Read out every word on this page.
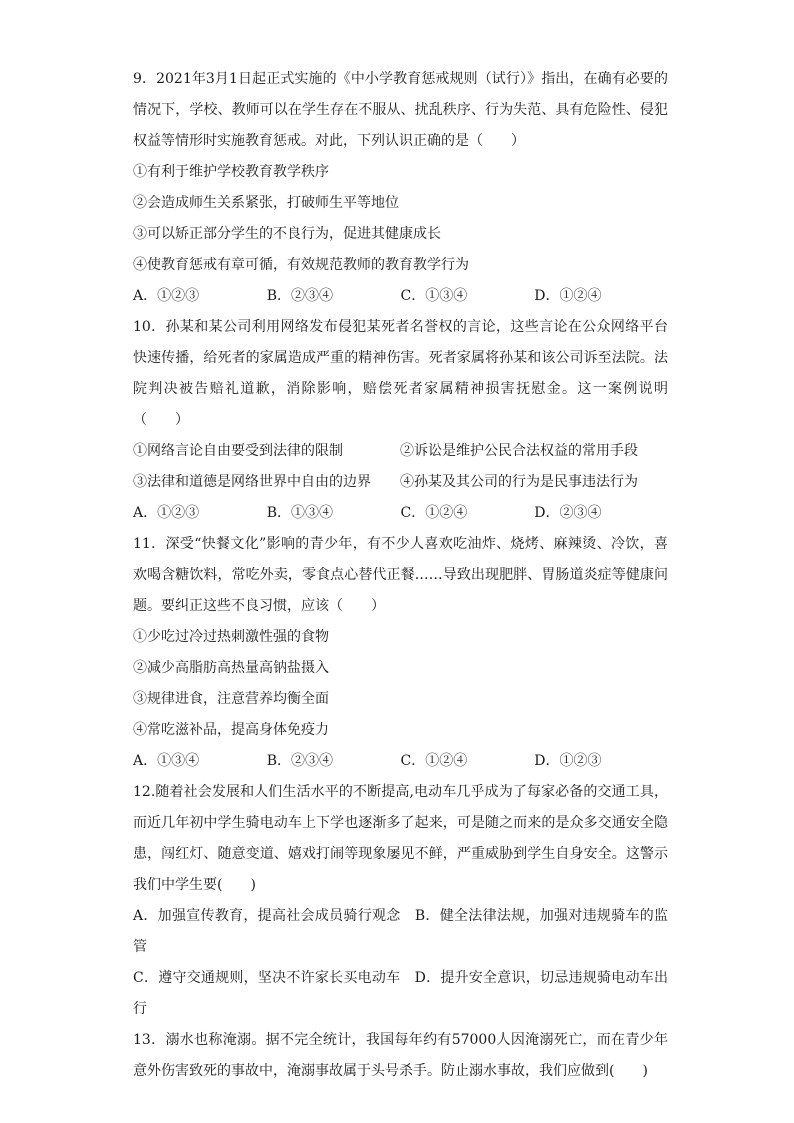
9．2021年3月1日起正式实施的《中小学教育惩戒规则（试行）》指出，在确有必要的情况下，学校、教师可以在学生存在不服从、扰乱秩序、行为失范、具有危险性、侵犯权益等情形时实施教育惩戒。对此，下列认识正确的是（　　）
①有利于维护学校教育教学秩序
②会造成师生关系紧张，打破师生平等地位
③可以矫正部分学生的不良行为，促进其健康成长
④使教育惩戒有章可循，有效规范教师的教育教学行为
A．①②③	B．②③④	C．①③④	D．①②④
10．孙某和某公司利用网络发布侵犯某死者名誉权的言论，这些言论在公众网络平台快速传播，给死者的家属造成严重的精神伤害。死者家属将孙某和该公司诉至法院。法院判决被告赔礼道歉，消除影响，赔偿死者家属精神损害抚慰金。这一案例说明（　　）
①网络言论自由要受到法律的限制	②诉讼是维护公民合法权益的常用手段
③法律和道德是网络世界中自由的边界	④孙某及其公司的行为是民事违法行为
A．①②③	B．①③④	C．①②④	D．②③④
11．深受“快餐文化”影响的青少年，有不少人喜欢吃油炸、烧烤、麻辣烫、冷饮，喜欢喝含糖饮料，常吃外卖，零食点心替代正餐……导致出现肥胖、胃肠道炎症等健康问题。要纠正这些不良习惯，应该（　　）
①少吃过冷过热刺激性强的食物
②减少高脂肪高热量高钠盐摄入
③规律进食，注意营养均衡全面
④常吃滋补品，提高身体免疫力
A．①③④	B．②③④	C．①②④	D．①②③
12.随着社会发展和人们生活水平的不断提高,电动车几乎成为了每家必备的交通工具，而近几年初中学生骑电动车上下学也逐渐多了起来，可是随之而来的是众多交通安全隐患，闯红灯、随意变道、嬉戏打闹等现象屡见不鲜，严重威胁到学生自身安全。这警示我们中学生要(　　)
A．加强宣传教育，提高社会成员骑行观念　 B．健全法律法规，加强对违规骑车的监管
C．遵守交通规则，坚决不许家长买电动车　 D．提升安全意识，切忌违规骑电动车出行
13．溺水也称淹溺。据不完全统计，我国每年约有57000人因淹溺死亡，而在青少年意外伤害致死的事故中，淹溺事故属于头号杀手。防止溺水事故，我们应做到(　　)
